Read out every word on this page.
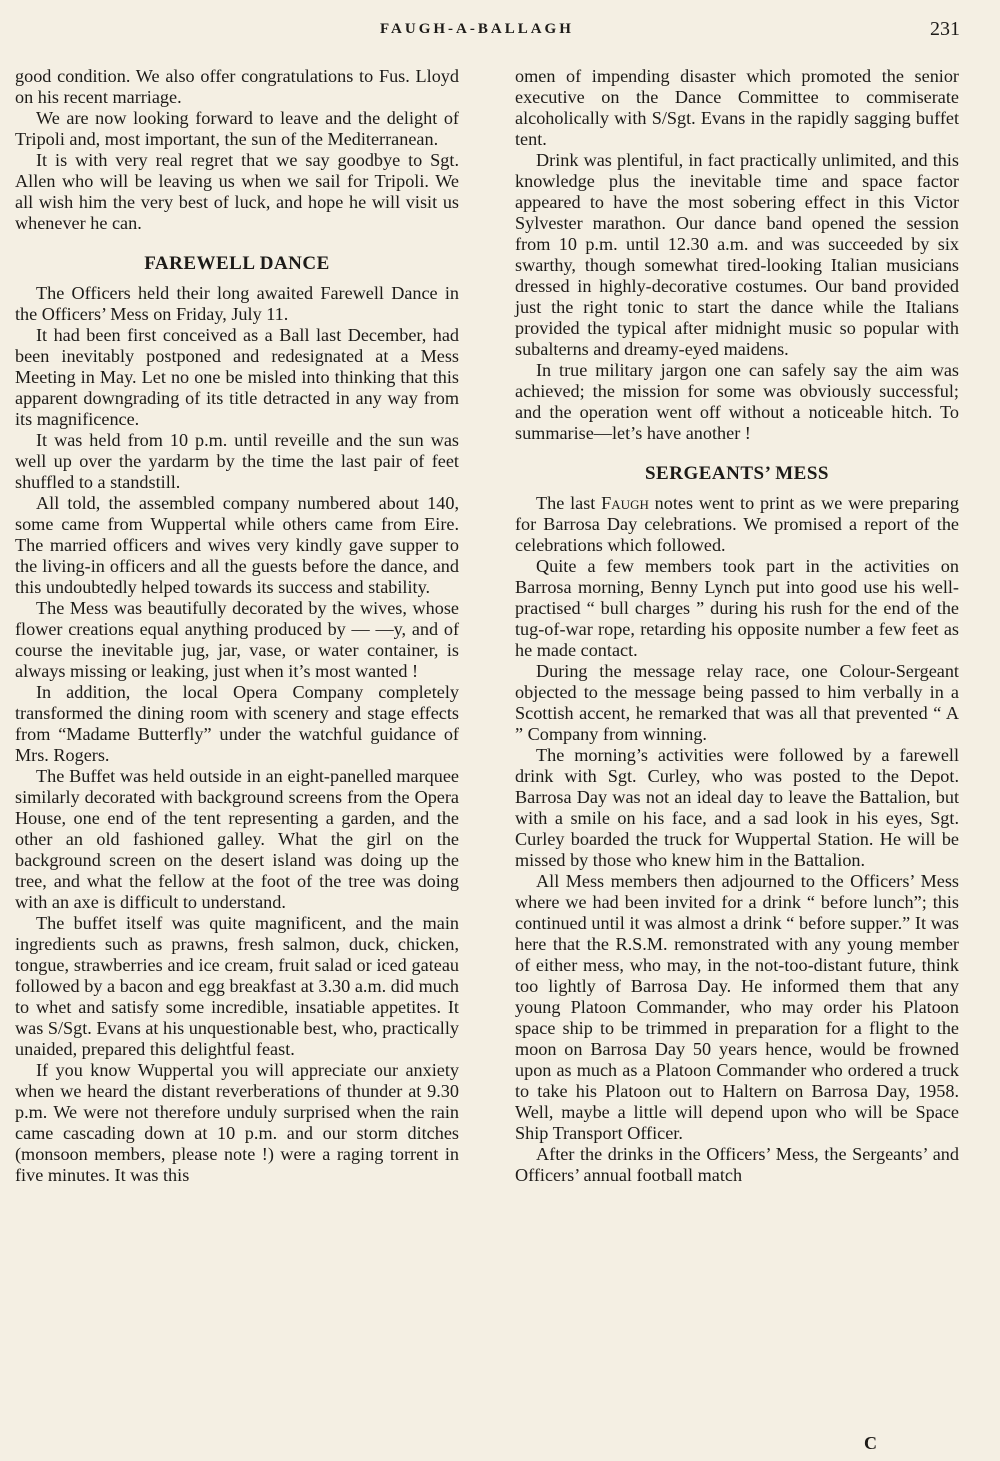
FAUGH-A-BALLAGH	231

good condition. We also offer congratulations to Fus. Lloyd on his recent marriage.

We are now looking forward to leave and the delight of Tripoli and, most important, the sun of the Mediterranean.

It is with very real regret that we say goodbye to Sgt. Allen who will be leaving us when we sail for Tripoli. We all wish him the very best of luck, and hope he will visit us whenever he can.

FAREWELL DANCE

The Officers held their long awaited Farewell Dance in the Officers’ Mess on Friday, July 11.

It had been first conceived as a Ball last December, had been inevitably postponed and redesignated at a Mess Meeting in May. Let no one be misled into thinking that this apparent downgrading of its title detracted in any way from its magnificence.

It was held from 10 p.m. until reveille and the sun was well up over the yardarm by the time the last pair of feet shuffled to a standstill.

All told, the assembled company numbered about 140, some came from Wuppertal while others came from Eire. The married officers and wives very kindly gave supper to the living-in officers and all the guests before the dance, and this undoubtedly helped towards its success and stability.

The Mess was beautifully decorated by the wives, whose flower creations equal anything produced by — —y, and of course the inevitable jug, jar, vase, or water container, is always missing or leaking, just when it’s most wanted !

In addition, the local Opera Company completely transformed the dining room with scenery and stage effects from “Madame Butterfly” under the watchful guidance of Mrs. Rogers.

The Buffet was held outside in an eight-panelled marquee similarly decorated with background screens from the Opera House, one end of the tent representing a garden, and the other an old fashioned galley. What the girl on the background screen on the desert island was doing up the tree, and what the fellow at the foot of the tree was doing with an axe is difficult to understand.

The buffet itself was quite magnificent, and the main ingredients such as prawns, fresh salmon, duck, chicken, tongue, strawberries and ice cream, fruit salad or iced gateau followed by a bacon and egg breakfast at 3.30 a.m. did much to whet and satisfy some incredible, insatiable appetites. It was S/Sgt. Evans at his unquestionable best, who, practically unaided, prepared this delightful feast.

If you know Wuppertal you will appreciate our anxiety when we heard the distant reverberations of thunder at 9.30 p.m. We were not therefore unduly surprised when the rain came cascading down at 10 p.m. and our storm ditches (monsoon members, please note !) were a raging torrent in five minutes. It was this

omen of impending disaster which promoted the senior executive on the Dance Committee to commiserate alcoholically with S/Sgt. Evans in the rapidly sagging buffet tent.

Drink was plentiful, in fact practically unlimited, and this knowledge plus the inevitable time and space factor appeared to have the most sobering effect in this Victor Sylvester marathon. Our dance band opened the session from 10 p.m. until 12.30 a.m. and was succeeded by six swarthy, though somewhat tired-looking Italian musicians dressed in highly-decorative costumes. Our band provided just the right tonic to start the dance while the Italians provided the typical after midnight music so popular with subalterns and dreamy-eyed maidens.

In true military jargon one can safely say the aim was achieved; the mission for some was obviously successful; and the operation went off without a noticeable hitch. To summarise—let’s have another !

SERGEANTS’ MESS

The last Faugh notes went to print as we were preparing for Barrosa Day celebrations. We promised a report of the celebrations which followed.

Quite a few members took part in the activities on Barrosa morning, Benny Lynch put into good use his well-practised “ bull charges ” during his rush for the end of the tug-of-war rope, retarding his opposite number a few feet as he made contact.

During the message relay race, one Colour-Sergeant objected to the message being passed to him verbally in a Scottish accent, he remarked that was all that prevented “ A ” Company from winning.

The morning’s activities were followed by a farewell drink with Sgt. Curley, who was posted to the Depot. Barrosa Day was not an ideal day to leave the Battalion, but with a smile on his face, and a sad look in his eyes, Sgt. Curley boarded the truck for Wuppertal Station. He will be missed by those who knew him in the Battalion.

All Mess members then adjourned to the Officers’ Mess where we had been invited for a drink “ before lunch”; this continued until it was almost a drink “ before supper.” It was here that the R.S.M. remonstrated with any young member of either mess, who may, in the not-too-distant future, think too lightly of Barrosa Day. He informed them that any young Platoon Commander, who may order his Platoon space ship to be trimmed in preparation for a flight to the moon on Barrosa Day 50 years hence, would be frowned upon as much as a Platoon Commander who ordered a truck to take his Platoon out to Haltern on Barrosa Day, 1958. Well, maybe a little will depend upon who will be Space Ship Transport Officer.

After the drinks in the Officers’ Mess, the Sergeants’ and Officers’ annual football match

C
